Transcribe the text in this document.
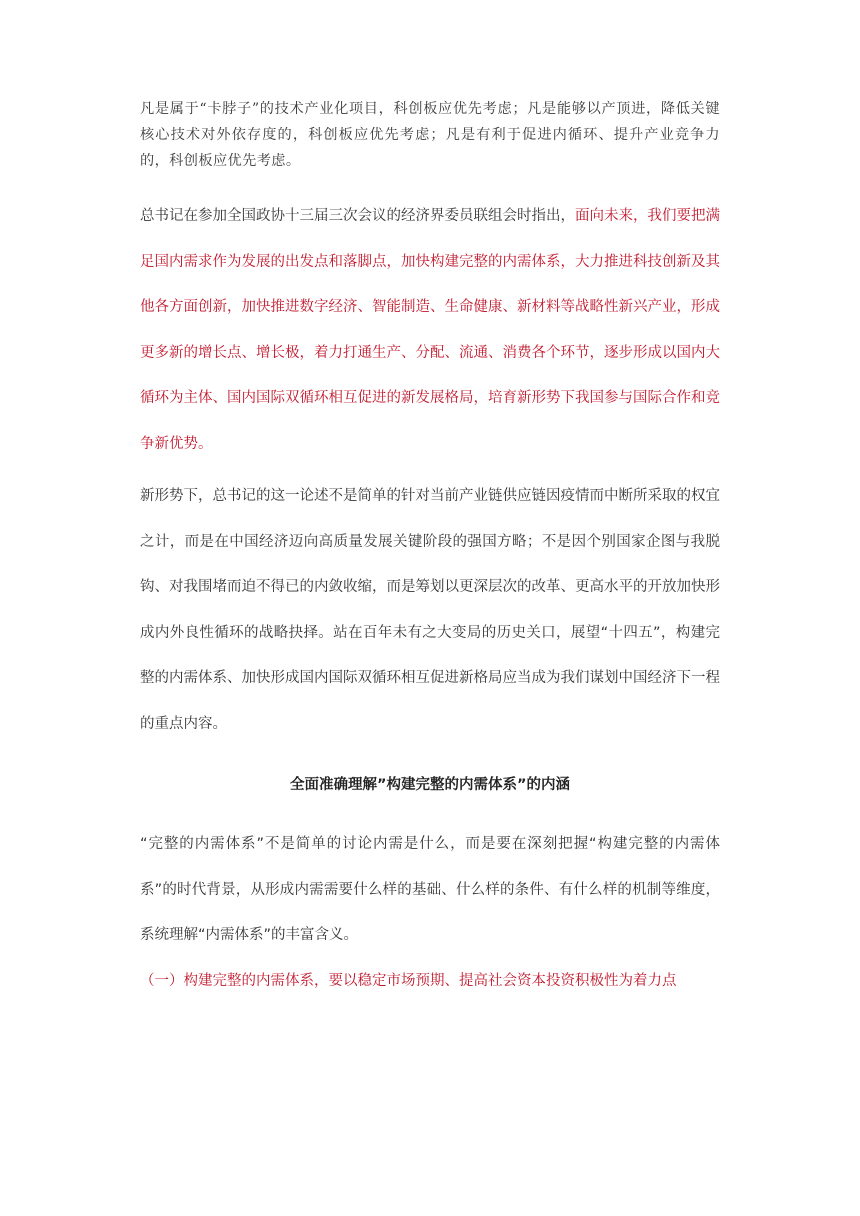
凡是属于“卡脖子”的技术产业化项目，科创板应优先考虑；凡是能够以产顶进，降低关键核心技术对外依存度的，科创板应优先考虑；凡是有利于促进内循环、提升产业竞争力的，科创板应优先考虑。

总书记在参加全国政协十三届三次会议的经济界委员联组会时指出，面向未来，我们要把满足国内需求作为发展的出发点和落脚点，加快构建完整的内需体系，大力推进科技创新及其他各方面创新，加快推进数字经济、智能制造、生命健康、新材料等战略性新兴产业，形成更多新的增长点、增长极，着力打通生产、分配、流通、消费各个环节，逐步形成以国内大循环为主体、国内国际双循环相互促进的新发展格局，培育新形势下我国参与国际合作和竞争新优势。

新形势下，总书记的这一论述不是简单的针对当前产业链供应链因疫情而中断所采取的权宜之计，而是在中国经济迈向高质量发展关键阶段的强国方略；不是因个别国家企图与我脱钩、对我围堵而迫不得已的内敛收缩，而是筹划以更深层次的改革、更高水平的开放加快形成内外良性循环的战略抉择。站在百年未有之大变局的历史关口，展望“十四五”，构建完整的内需体系、加快形成国内国际双循环相互促进新格局应当成为我们谋划中国经济下一程的重点内容。

全面准确理解”构建完整的内需体系”的内涵

“完整的内需体系”不是简单的讨论内需是什么，而是要在深刻把握“构建完整的内需体系”的时代背景，从形成内需需要什么样的基础、什么样的条件、有什么样的机制等维度，系统理解“内需体系”的丰富含义。

（一）构建完整的内需体系，要以稳定市场预期、提高社会资本投资积极性为着力点
